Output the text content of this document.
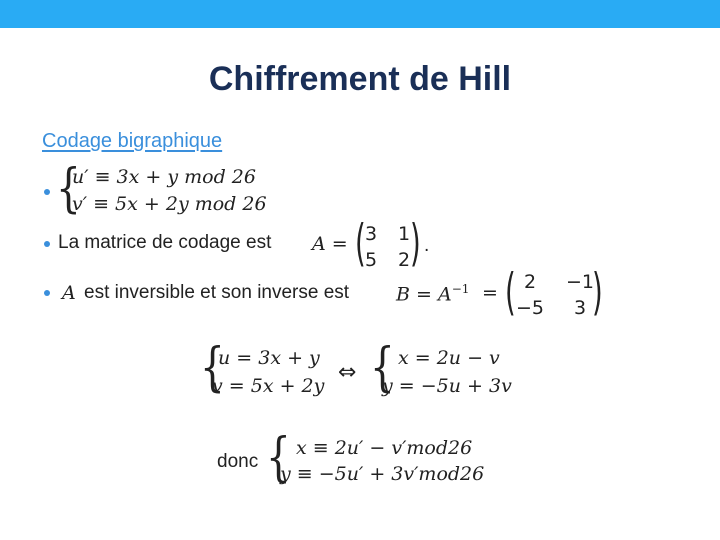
Chiffrement de Hill
Codage bigraphique
{
u′ ≡ 3x + y mod 26
v′ ≡ 5x + 2y mod 26
La matrice de codage est A = ( 3 1
5 2 ) .
A est inversible et son inverse est $B = A^{-1}$ = ( 2 −1
−5 3 )
{
u = 3x + y
v = 5x + 2y
⇔ { x = 2u − v
y = −5u + 3v
donc { x ≡ 2u′ − v′mod26
y ≡ −5u′ + 3v′mod26
